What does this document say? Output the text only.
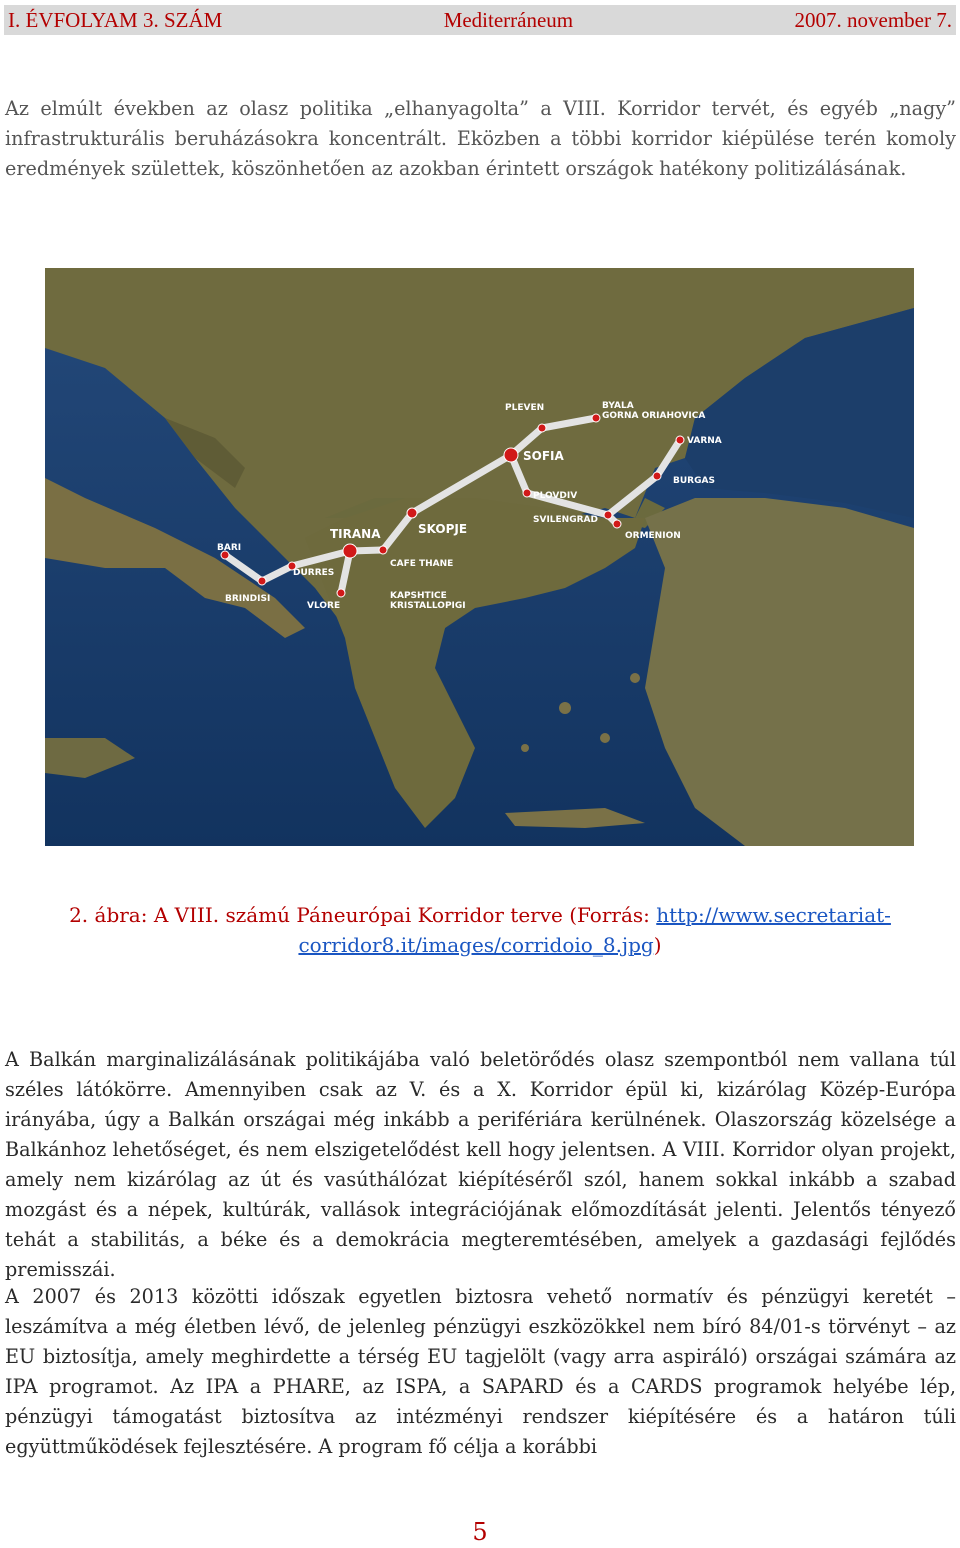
I. ÉVFOLYAM 3. SZÁM	Mediterráneum	2007. november 7.

Az elmúlt években az olasz politika „elhanyagolta” a VIII. Korridor tervét, és egyéb „nagy” infrastrukturális beruházásokra koncentrált. Eközben a többi korridor kiépülése terén komoly eredmények születtek, köszönhetően az azokban érintett országok hatékony politizálásának.

PLEVEN	BYALA
GORNA ORIAHOVICA
VARNA
SOFIA
BURGAS
PLOVDIV
SVILENGRAD
ORMENION
SKOPJE
TIRANA
DURRES
BARI
BRINDISI
VLORE
CAFE THANE
KAPSHTICE
KRISTALLOPIGI

2. ábra: A VIII. számú Páneurópai Korridor terve (Forrás: http://www.secretariat-
corridor8.it/images/corridoio_8.jpg)

A Balkán marginalizálásának politikájába való beletörődés olasz szempontból nem vallana túl széles látókörre. Amennyiben csak az V. és a X. Korridor épül ki, kizárólag Közép-Európa irányába, úgy a Balkán országai még inkább a perifériára kerülnének. Olaszország közelsége a Balkánhoz lehetőséget, és nem elszigetelődést kell hogy jelentsen. A VIII. Korridor olyan projekt, amely nem kizárólag az út és vasúthálózat kiépítéséről szól, hanem sokkal inkább a szabad mozgást és a népek, kultúrák, vallások integrációjának előmozdítását jelenti. Jelentős tényező tehát a stabilitás, a béke és a demokrácia megteremtésében, amelyek a gazdasági fejlődés premisszái.

A 2007 és 2013 közötti időszak egyetlen biztosra vehető normatív és pénzügyi keretét – leszámítva a még életben lévő, de jelenleg pénzügyi eszközökkel nem bíró 84/01-s törvényt – az EU biztosítja, amely meghirdette a térség EU tagjelölt (vagy arra aspiráló) országai számára az IPA programot. Az IPA a PHARE, az ISPA, a SAPARD és a CARDS programok helyébe lép, pénzügyi támogatást biztosítva az intézményi rendszer kiépítésére és a határon túli együttműködések fejlesztésére. A program fő célja a korábbi

5
